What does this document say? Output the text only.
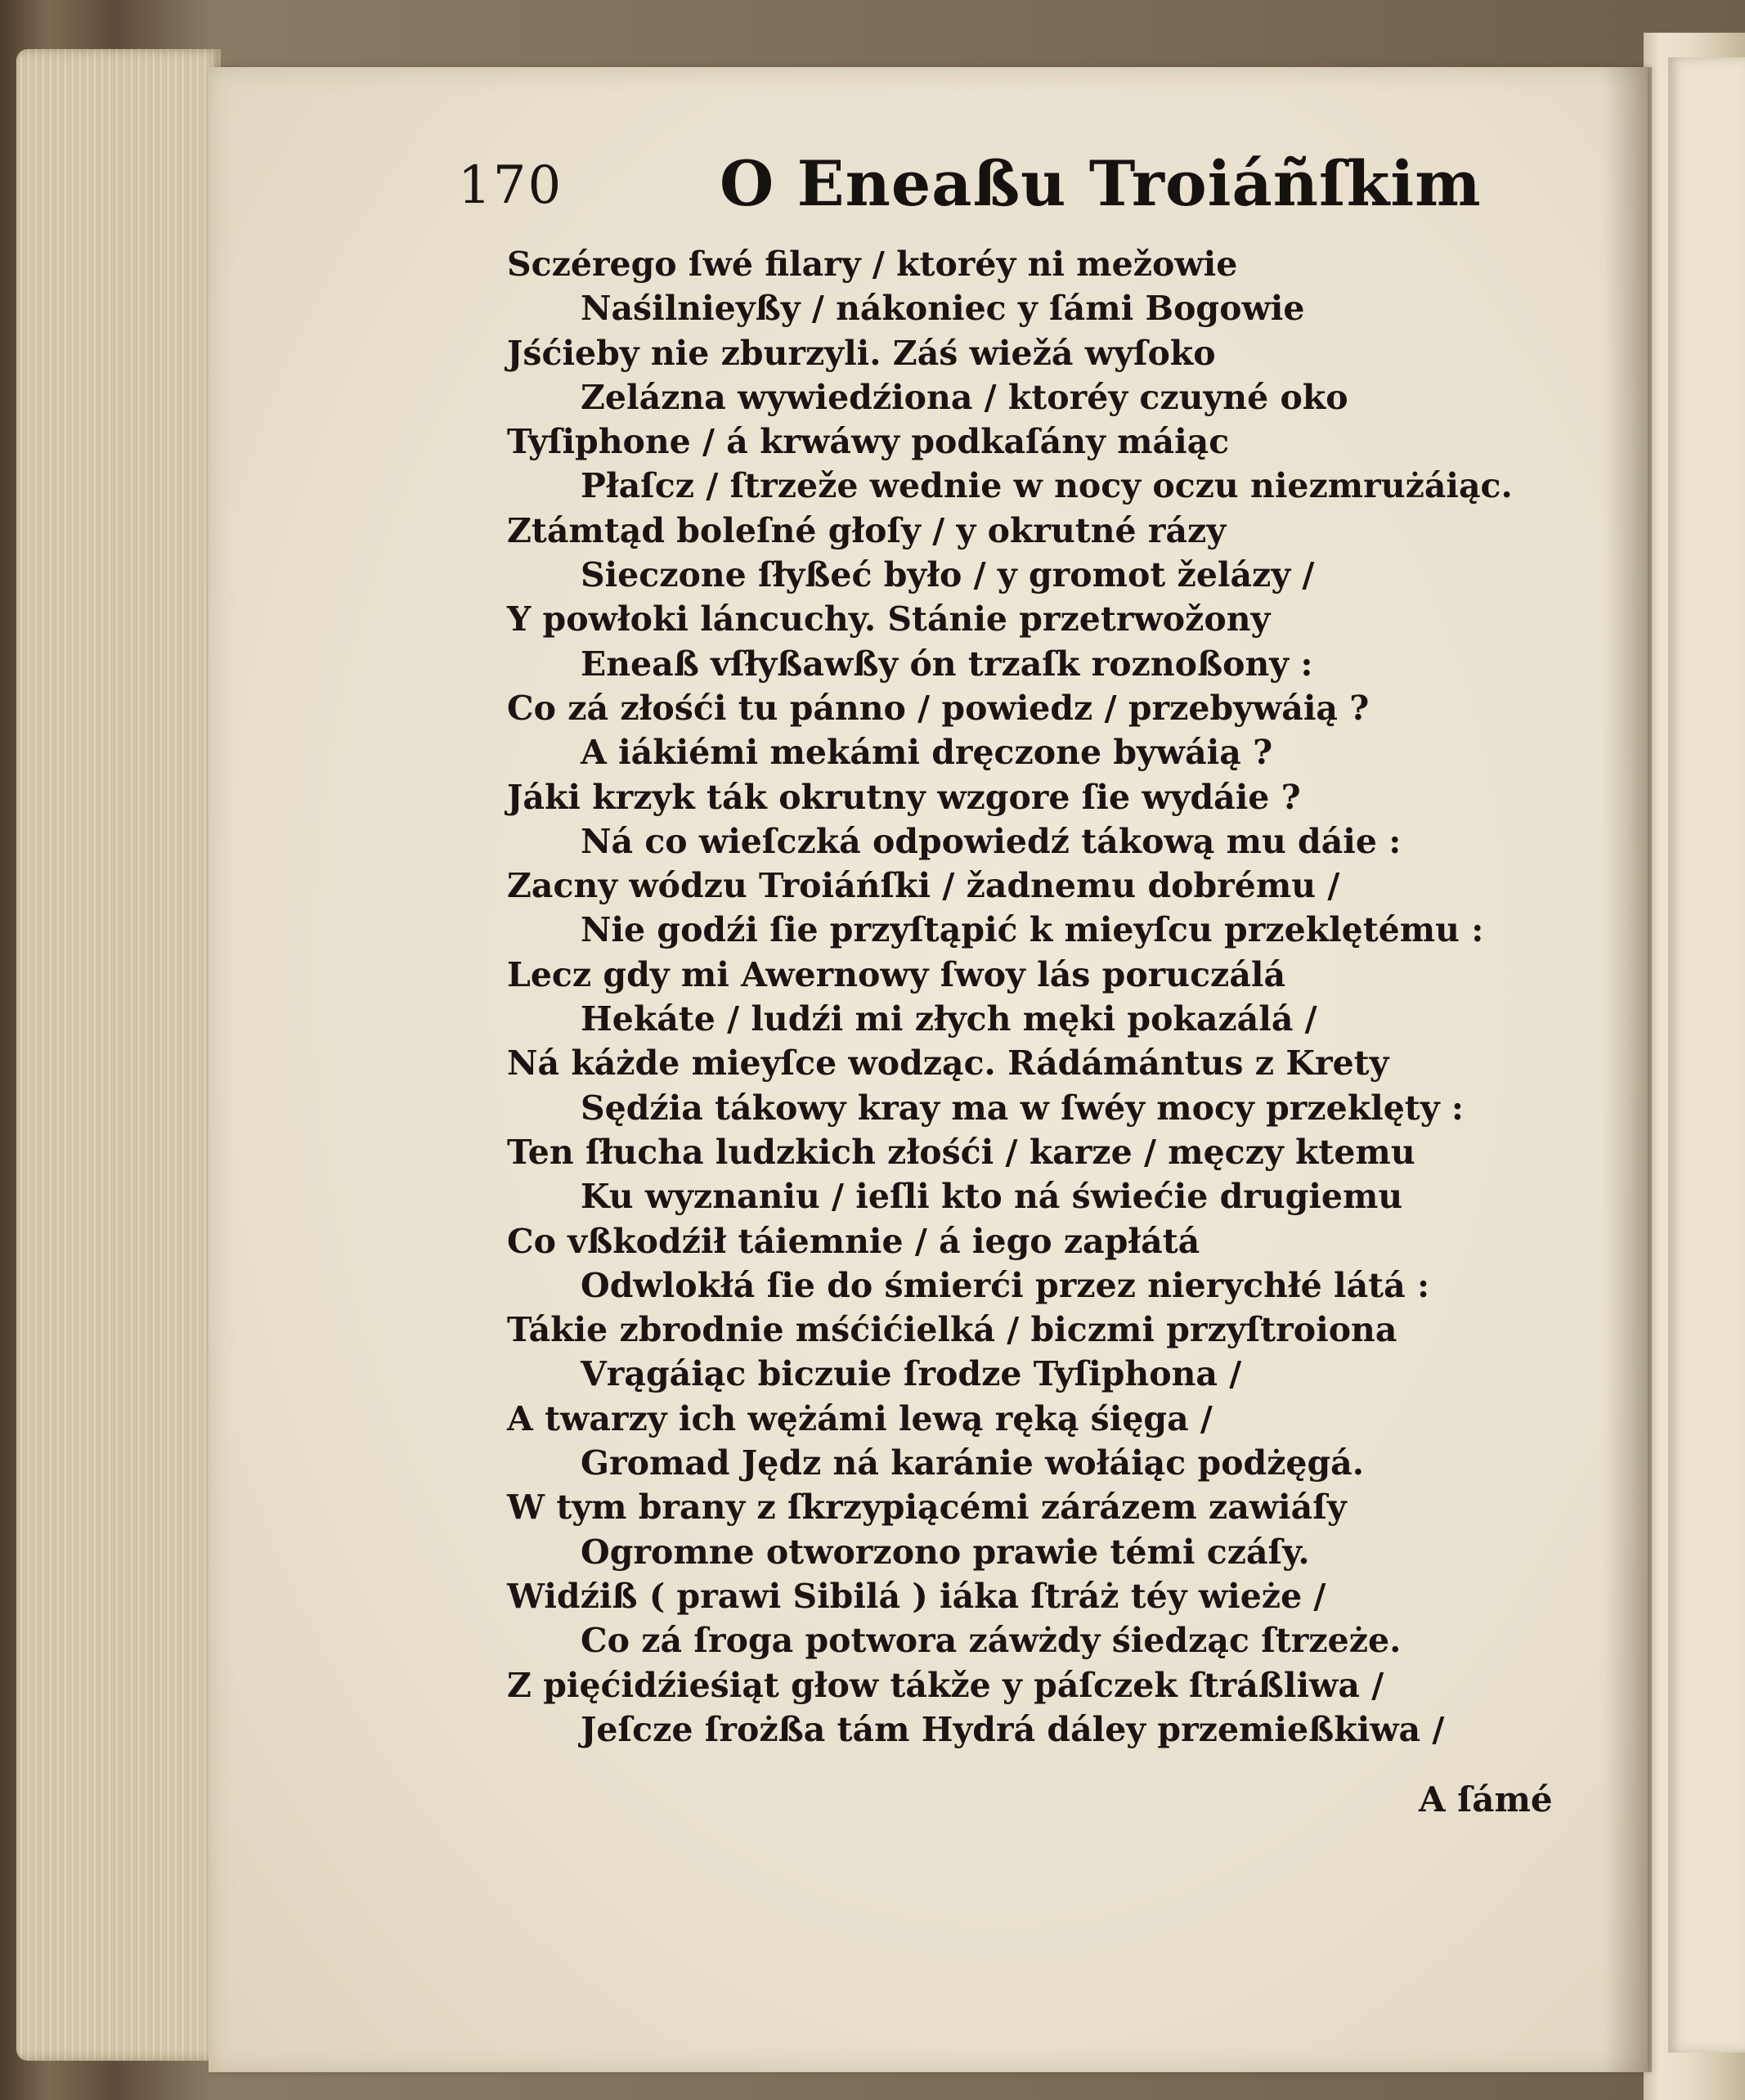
170	O Eneaßu Troiáñſkim
Sczérego ſwé filary / ktoréy ni mežowie
Naśilnieyßy / nákoniec y ſámi Bogowie
Jśćieby nie zburzyli. Záś wiežá wyſoko
Zelázna wywiedźiona / ktoréy czuyné oko
Tyſiphone / á krwáwy podkaſány máiąc
Płaſcz / ſtrzeže wednie w nocy oczu niezmrużáiąc.
Ztámtąd boleſné głoſy / y okrutné rázy
Sieczone ſłyßeć było / y gromot želázy /
Y powłoki láncuchy. Stánie przetrwožony
Eneaß vſłyßawßy ón trzaſk roznoßony :
Co zá złośći tu pánno / powiedz / przebywáią ?
A iákiémi mekámi dręczone bywáią ?
Jáki krzyk ták okrutny wzgore ſie wydáie ?
Ná co wieſczká odpowiedź tákową mu dáie :
Zacny wódzu Troiáńſki / žadnemu dobrému /
Nie godźi ſie przyſtąpić k mieyſcu przeklętému :
Lecz gdy mi Awernowy ſwoy lás poruczálá
Hekáte / ludźi mi złych męki pokazálá /
Ná káżde mieyſce wodząc. Rádámántus z Krety
Sędźia tákowy kray ma w ſwéy mocy przeklęty :
Ten ſłucha ludzkich złośći / karze / męczy ktemu
Ku wyznaniu / ieſli kto ná świećie drugiemu
Co vßkodźił táiemnie / á iego zapłátá
Odwlokłá ſie do śmierći przez nierychłé látá :
Tákie zbrodnie mśćićielká / biczmi przyſtroiona
Vrągáiąc biczuie ſrodze Tyſiphona /
A twarzy ich wężámi lewą ręką śięga /
Gromad Jędz ná karánie wołáiąc podżęgá.
W tym brany z ſkrzypiącémi zárázem zawiáſy
Ogromne otworzono prawie témi czáſy.
Widźiß ( prawi Sibilá ) iáka ſtráż téy wieże /
Co zá ſroga potwora záwżdy śiedząc ſtrzeże.
Z pięćidźieśiąt głow tákže y páſczek ſtráßliwa /
Jeſcze ſrożßa tám Hydrá dáley przemießkiwa /
A ſámé
